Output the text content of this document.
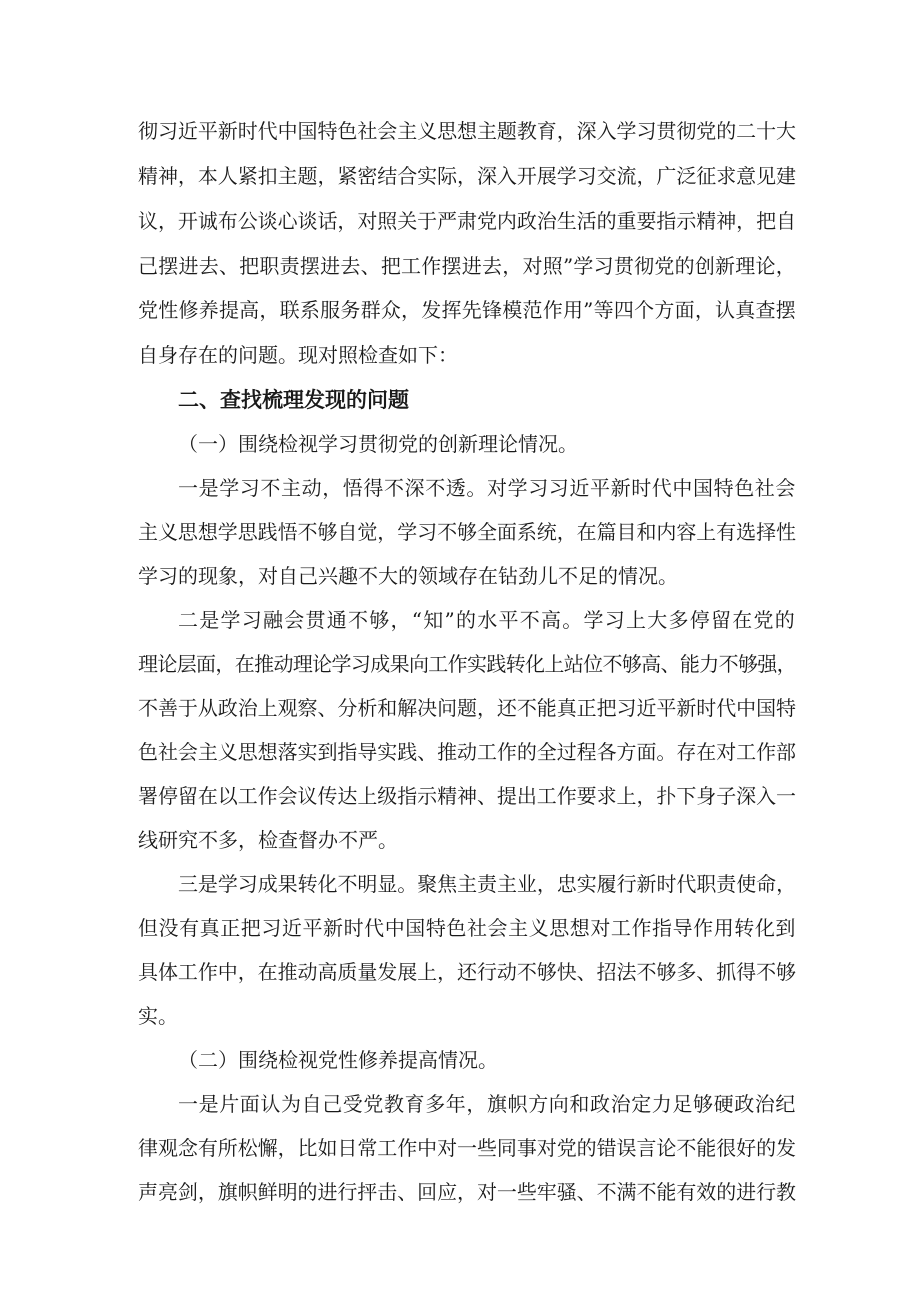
彻习近平新时代中国特色社会主义思想主题教育，深入学习贯彻党的二十大
精神，本人紧扣主题，紧密结合实际，深入开展学习交流，广泛征求意见建
议，开诚布公谈心谈话，对照关于严肃党内政治生活的重要指示精神，把自
己摆进去、把职责摆进去、把工作摆进去，对照”学习贯彻党的创新理论，
党性修养提高，联系服务群众，发挥先锋模范作用”等四个方面，认真查摆
自身存在的问题。现对照检查如下：
二、查找梳理发现的问题
（一）围绕检视学习贯彻党的创新理论情况。
一是学习不主动，悟得不深不透。对学习习近平新时代中国特色社会
主义思想学思践悟不够自觉，学习不够全面系统，在篇目和内容上有选择性
学习的现象，对自己兴趣不大的领域存在钻劲儿不足的情况。
二是学习融会贯通不够，“知”的水平不高。学习上大多停留在党的
理论层面，在推动理论学习成果向工作实践转化上站位不够高、能力不够强，
不善于从政治上观察、分析和解决问题，还不能真正把习近平新时代中国特
色社会主义思想落实到指导实践、推动工作的全过程各方面。存在对工作部
署停留在以工作会议传达上级指示精神、提出工作要求上，扑下身子深入一
线研究不多，检查督办不严。
三是学习成果转化不明显。聚焦主责主业，忠实履行新时代职责使命，
但没有真正把习近平新时代中国特色社会主义思想对工作指导作用转化到
具体工作中，在推动高质量发展上，还行动不够快、招法不够多、抓得不够
实。
（二）围绕检视党性修养提高情况。
一是片面认为自己受党教育多年，旗帜方向和政治定力足够硬政治纪
律观念有所松懈，比如日常工作中对一些同事对党的错误言论不能很好的发
声亮剑，旗帜鲜明的进行抨击、回应，对一些牢骚、不满不能有效的进行教
